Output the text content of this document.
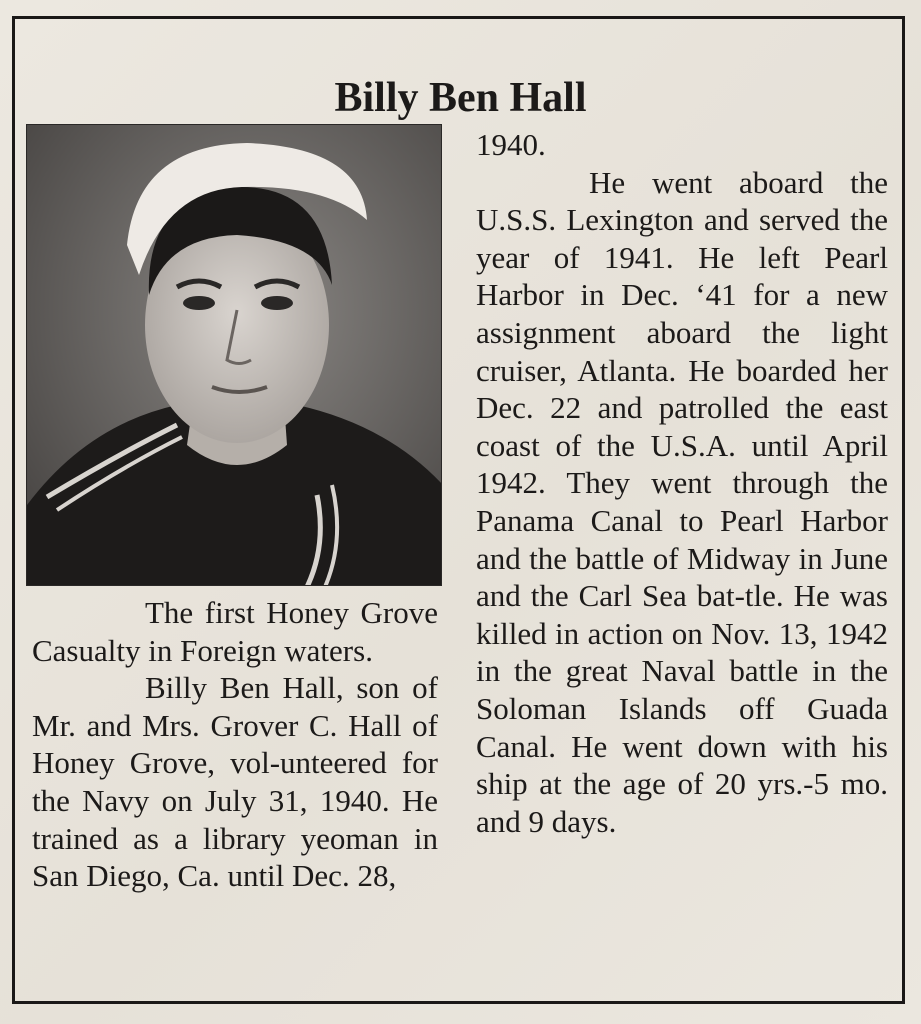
Billy Ben Hall

The first Honey Grove Casualty in Foreign waters.

Billy Ben Hall, son of Mr. and Mrs. Grover C. Hall of Honey Grove, vol-unteered for the Navy on July 31, 1940. He trained as a library yeoman in San Diego, Ca. until Dec. 28,

1940.

He went aboard the U.S.S. Lexington and served the year of 1941. He left Pearl Harbor in Dec. ‘41 for a new assignment aboard the light cruiser, Atlanta. He boarded her Dec. 22 and patrolled the east coast of the U.S.A. until April 1942. They went through the Panama Canal to Pearl Harbor and the battle of Midway in June and the Carl Sea bat-tle. He was killed in action on Nov. 13, 1942 in the great Naval battle in the Soloman Islands off Guada Canal. He went down with his ship at the age of 20 yrs.-5 mo. and 9 days.
